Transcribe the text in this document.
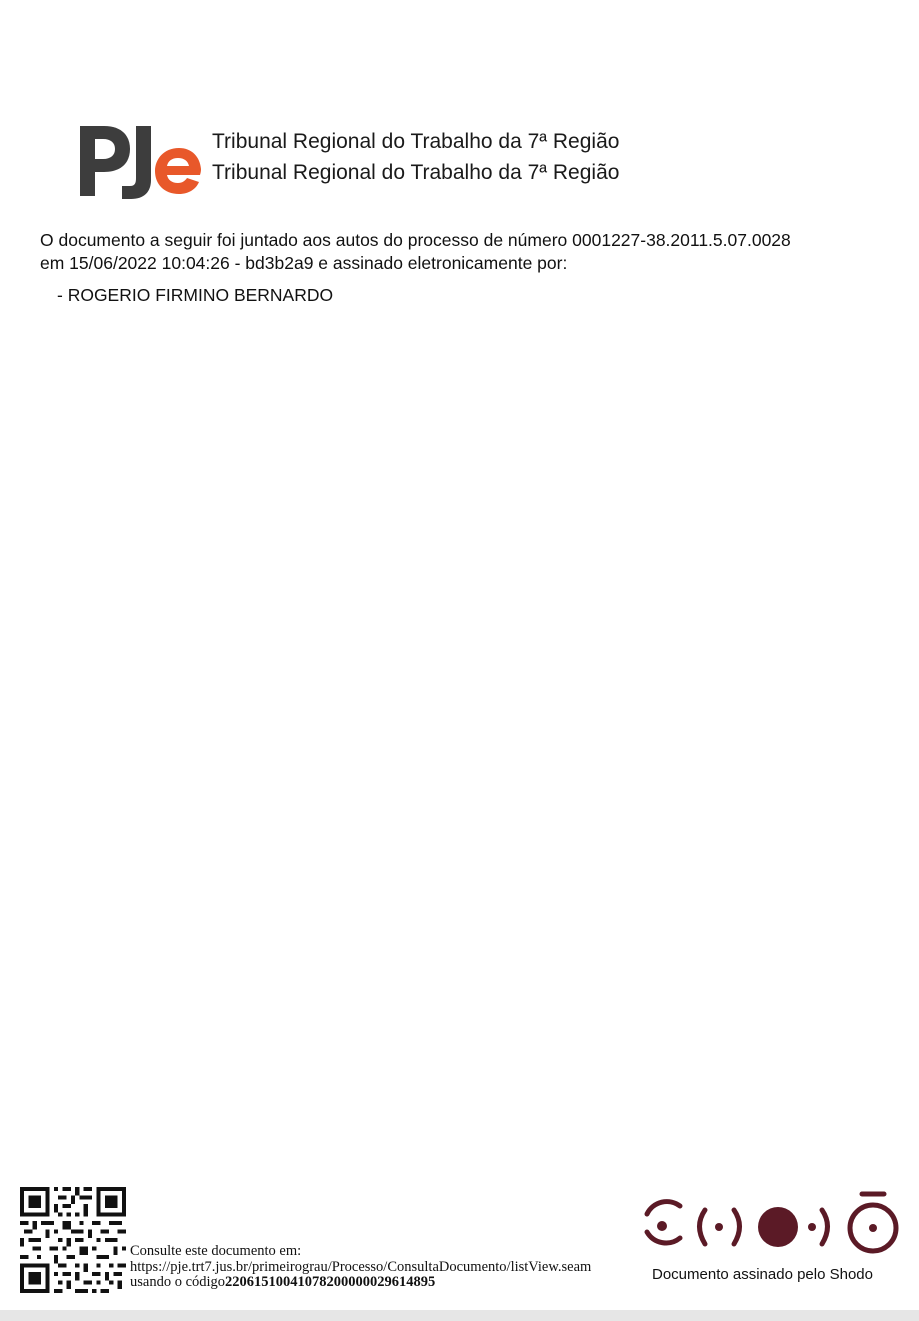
Tribunal Regional do Trabalho da 7ª Região
Tribunal Regional do Trabalho da 7ª Região
O documento a seguir foi juntado aos autos do processo de número 0001227-38.2011.5.07.0028
em 15/06/2022 10:04:26 - bd3b2a9 e assinado eletronicamente por:
- ROGERIO FIRMINO BERNARDO
Consulte este documento em:
https://pje.trt7.jus.br/primeirograu/Processo/ConsultaDocumento/listView.seam
usando o código22061510041078200000029614895	Documento assinado pelo Shodo
